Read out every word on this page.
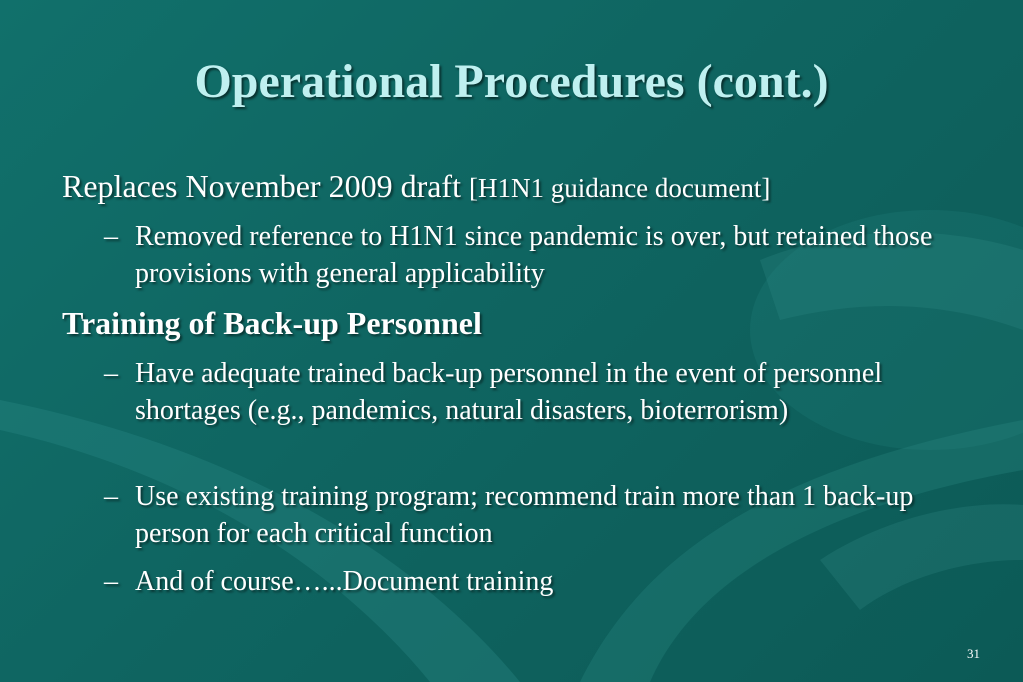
Operational Procedures (cont.)
Replaces November 2009 draft [H1N1 guidance document]
– Removed reference to H1N1 since pandemic is over, but retained those provisions with general applicability
Training of Back-up Personnel
– Have adequate trained back-up personnel in the event of personnel shortages (e.g., pandemics, natural disasters, bioterrorism)
– Use existing training program; recommend train more than 1 back-up person for each critical function
– And of course…...Document training
31
